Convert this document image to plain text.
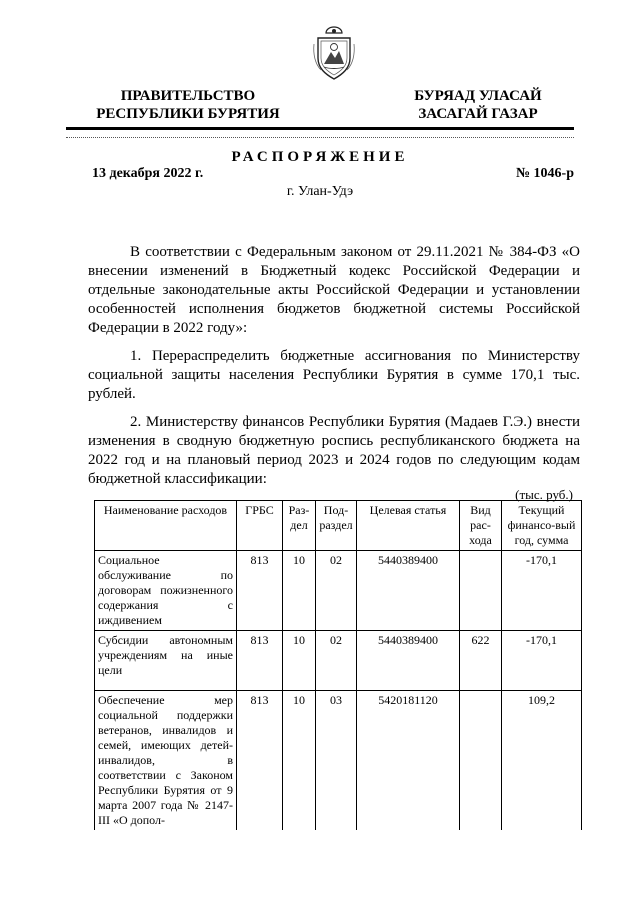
ПРАВИТЕЛЬСТВО
РЕСПУБЛИКИ БУРЯТИЯ
БУРЯАД УЛАСАЙ
ЗАСАГАЙ ГАЗАР
РАСПОРЯЖЕНИЕ
13 декабря 2022 г.	№ 1046-р
г. Улан-Удэ

В соответствии с Федеральным законом от 29.11.2021 № 384-ФЗ «О внесении изменений в Бюджетный кодекс Российской Федерации и отдельные законодательные акты Российской Федерации и установлении особенностей исполнения бюджетов бюджетной системы Российской Федерации в 2022 году»:

1. Перераспределить бюджетные ассигнования по Министерству социальной защиты населения Республики Бурятия в сумме 170,1 тыс. рублей.

2. Министерству финансов Республики Бурятия (Мадаев Г.Э.) внести изменения в сводную бюджетную роспись республиканского бюджета на 2022 год и на плановый период 2023 и 2024 годов по следующим кодам бюджетной классификации:

(тыс. руб.)
Наименование расходов	ГРБС	Раз-дел	Под-раздел	Целевая статья	Вид рас-хода	Текущий финансо-вый год, сумма
Социальное обслуживание по договорам пожизненного содержания с иждивением	813	10	02	5440389400		-170,1
Субсидии автономным учреждениям на иные цели	813	10	02	5440389400	622	-170,1
Обеспечение мер социальной поддержки ветеранов, инвалидов и семей, имеющих детей-инвалидов, в соответствии с Законом Республики Бурятия от 9 марта 2007 года № 2147-III «О допол-	813	10	03	5420181120		109,2
